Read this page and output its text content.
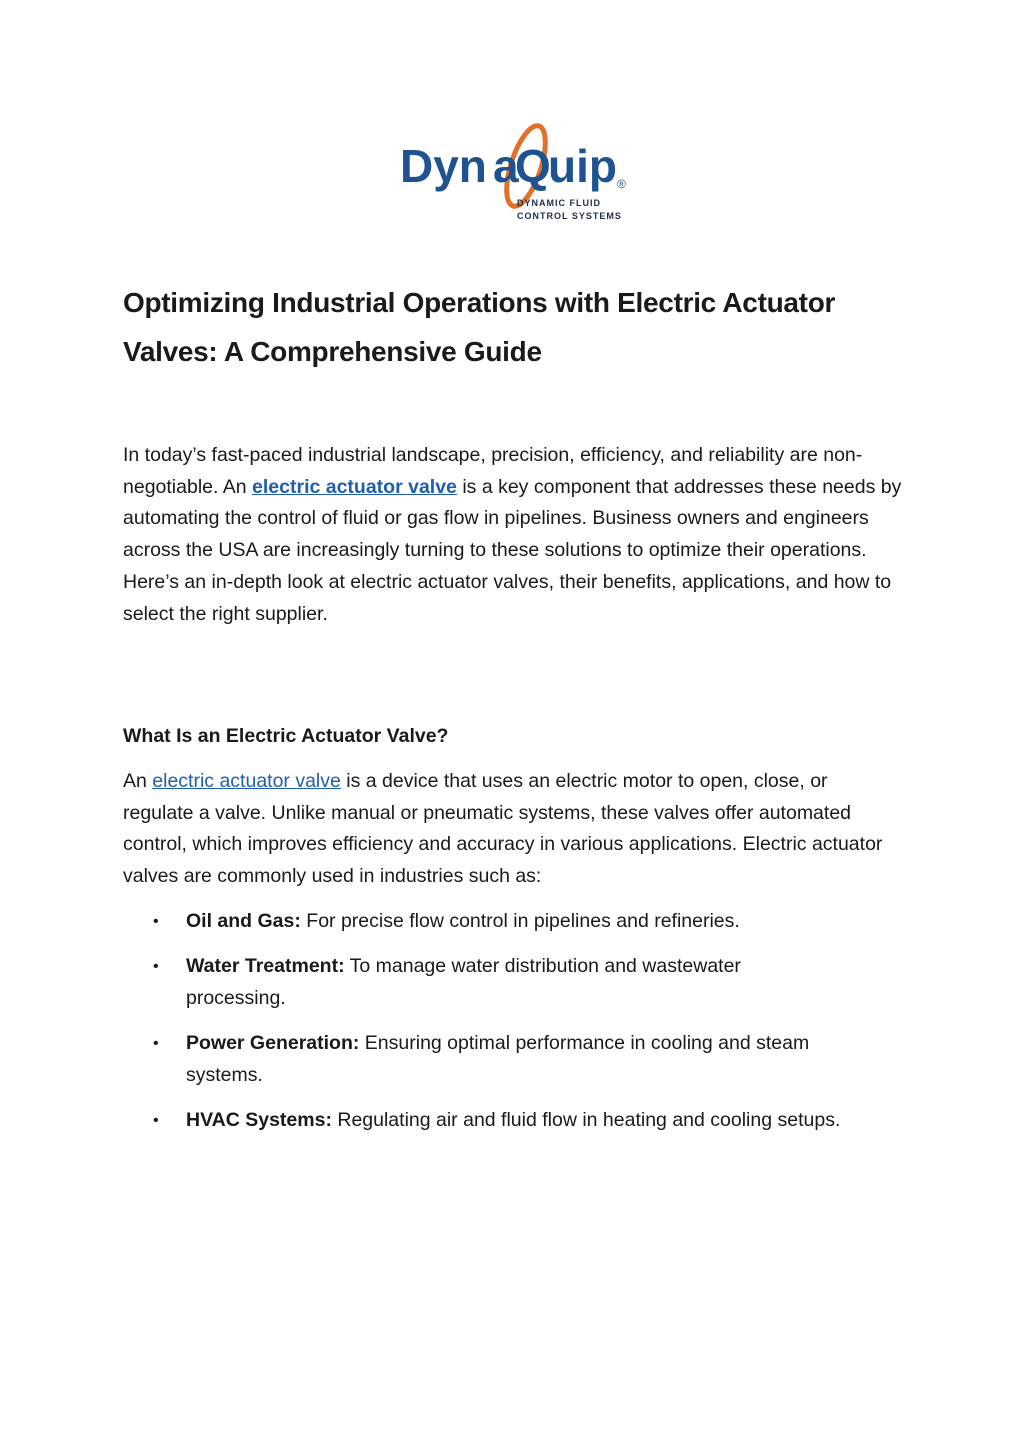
Dyn a
Q
uip ®
DYNAMIC FLUID
CONTROL SYSTEMS
Optimizing Industrial Operations with Electric Actuator Valves: A Comprehensive Guide

In today’s fast-paced industrial landscape, precision, efficiency, and reliability are non-negotiable. An electric actuator valve is a key component that addresses these needs by automating the control of fluid or gas flow in pipelines. Business owners and engineers across the USA are increasingly turning to these solutions to optimize their operations. Here’s an in-depth look at electric actuator valves, their benefits, applications, and how to select the right supplier.

What Is an Electric Actuator Valve?

An electric actuator valve is a device that uses an electric motor to open, close, or regulate a valve. Unlike manual or pneumatic systems, these valves offer automated control, which improves efficiency and accuracy in various applications. Electric actuator valves are commonly used in industries such as:

• Oil and Gas: For precise flow control in pipelines and refineries.
• Water Treatment: To manage water distribution and wastewater processing.
• Power Generation: Ensuring optimal performance in cooling and steam systems.
• HVAC Systems: Regulating air and fluid flow in heating and cooling setups.
